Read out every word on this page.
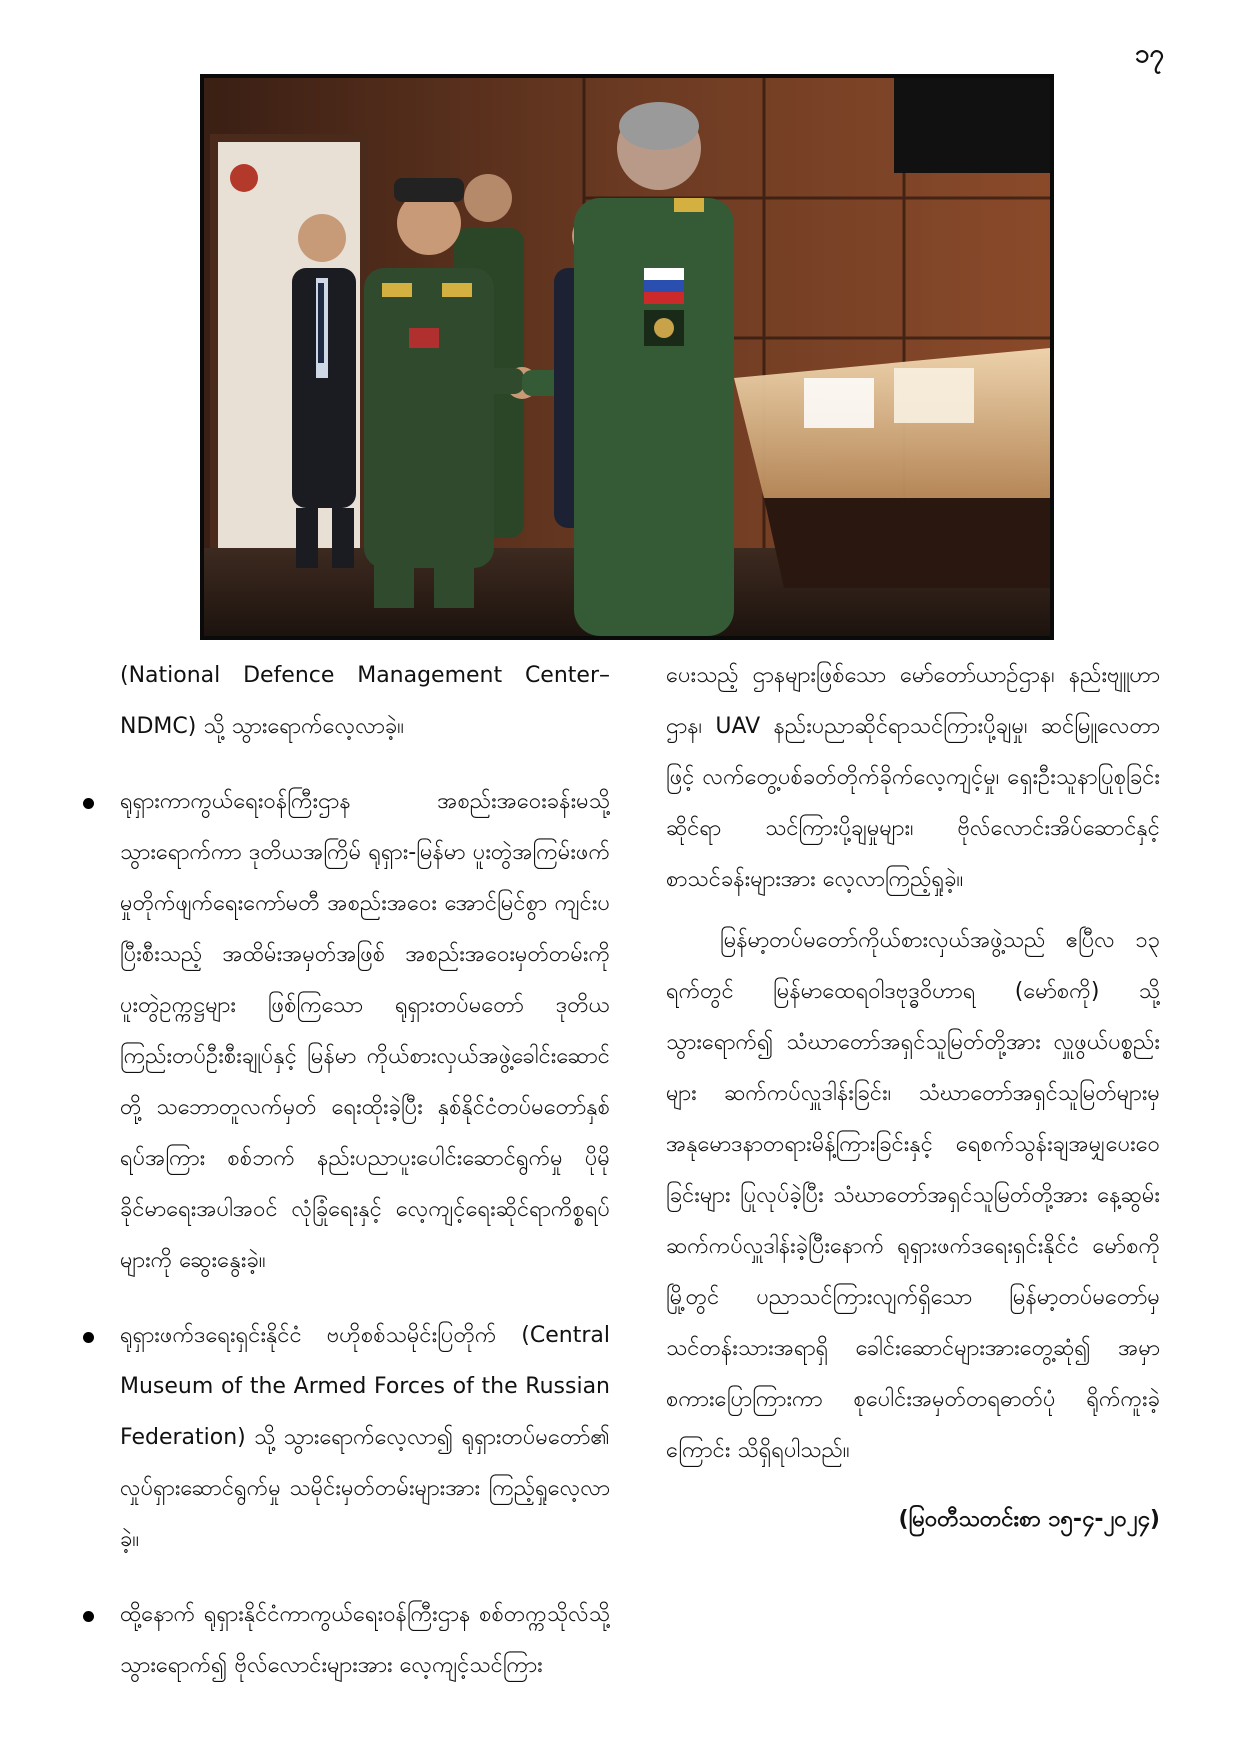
၁၇

(National Defence Management Center–NDMC) သို့ သွားရောက်လေ့လာခဲ့။

ရုရှားကာကွယ်ရေးဝန်ကြီးဌာန အစည်းအဝေးခန်းမသို့ သွားရောက်ကာ ဒုတိယအကြိမ် ရုရှား-မြန်မာ ပူးတွဲအကြမ်းဖက်မှုတိုက်ဖျက်ရေးကော်မတီ အစည်းအဝေး အောင်မြင်စွာ ကျင်းပပြီးစီးသည့် အထိမ်းအမှတ်အဖြစ် အစည်းအဝေးမှတ်တမ်းကို ပူးတွဲဥက္ကဋ္ဌများ ဖြစ်ကြသော ရုရှားတပ်မတော် ဒုတိယကြည်းတပ်ဦးစီးချုပ်နှင့် မြန်မာ ကိုယ်စားလှယ်အဖွဲ့ခေါင်းဆောင်တို့ သဘောတူလက်မှတ် ရေးထိုးခဲ့ပြီး နှစ်နိုင်ငံတပ်မတော်နှစ်ရပ်အကြား စစ်ဘက် နည်းပညာပူးပေါင်းဆောင်ရွက်မှု ပိုမိုခိုင်မာရေးအပါအဝင် လုံခြုံရေးနှင့် လေ့ကျင့်ရေးဆိုင်ရာကိစ္စရပ်များကို ဆွေးနွေးခဲ့။

ရုရှားဖက်ဒရေးရှင်းနိုင်ငံ ဗဟိုစစ်သမိုင်းပြတိုက် (Central Museum of the Armed Forces of the Russian Federation) သို့ သွားရောက်လေ့လာ၍ ရုရှားတပ်မတော်၏ လှုပ်ရှားဆောင်ရွက်မှု သမိုင်းမှတ်တမ်းများအား ကြည့်ရှုလေ့လာခဲ့။

ထို့နောက် ရုရှားနိုင်ငံကာကွယ်ရေးဝန်ကြီးဌာန စစ်တက္ကသိုလ်သို့သွားရောက်၍ ဗိုလ်လောင်းများအား လေ့ကျင့်သင်ကြား

ပေးသည့် ဌာနများဖြစ်သော မော်တော်ယာဉ်ဌာန၊ နည်းဗျူဟာဌာန၊ UAV နည်းပညာဆိုင်ရာသင်ကြားပို့ချမှု၊ ဆင်မြူလေတာဖြင့် လက်တွေ့ပစ်ခတ်တိုက်ခိုက်လေ့ကျင့်မှု၊ ရှေးဦးသူနာပြုစုခြင်းဆိုင်ရာ သင်ကြားပို့ချမှုများ၊ ဗိုလ်လောင်းအိပ်ဆောင်နှင့် စာသင်ခန်းများအား လေ့လာကြည့်ရှုခဲ့။

မြန်မာ့တပ်မတော်ကိုယ်စားလှယ်အဖွဲ့သည် ဧပြီလ ၁၃ ရက်တွင် မြန်မာထေရဝါဒဗုဒ္ဓဝိဟာရ (မော်စကို) သို့သွားရောက်၍ သံဃာတော်အရှင်သူမြတ်တို့အား လှူဖွယ်ပစ္စည်းများ ဆက်ကပ်လှူဒါန်းခြင်း၊ သံဃာတော်အရှင်သူမြတ်များမှ အနုမောဒနာတရားမိန့်ကြားခြင်းနှင့် ရေစက်သွန်းချအမျှပေးဝေခြင်းများ ပြုလုပ်ခဲ့ပြီး သံဃာတော်အရှင်သူမြတ်တို့အား နေ့ဆွမ်းဆက်ကပ်လှူဒါန်းခဲ့ပြီးနောက် ရုရှားဖက်ဒရေးရှင်းနိုင်ငံ မော်စကိုမြို့တွင် ပညာသင်ကြားလျက်ရှိသော မြန်မာ့တပ်မတော်မှ သင်တန်းသားအရာရှိ ခေါင်းဆောင်များအားတွေ့ဆုံ၍ အမှာစကားပြောကြားကာ စုပေါင်းအမှတ်တရဓာတ်ပုံ ရိုက်ကူးခဲ့ကြောင်း သိရှိရပါသည်။

(မြဝတီသတင်းစာ ၁၅-၄-၂၀၂၄)
